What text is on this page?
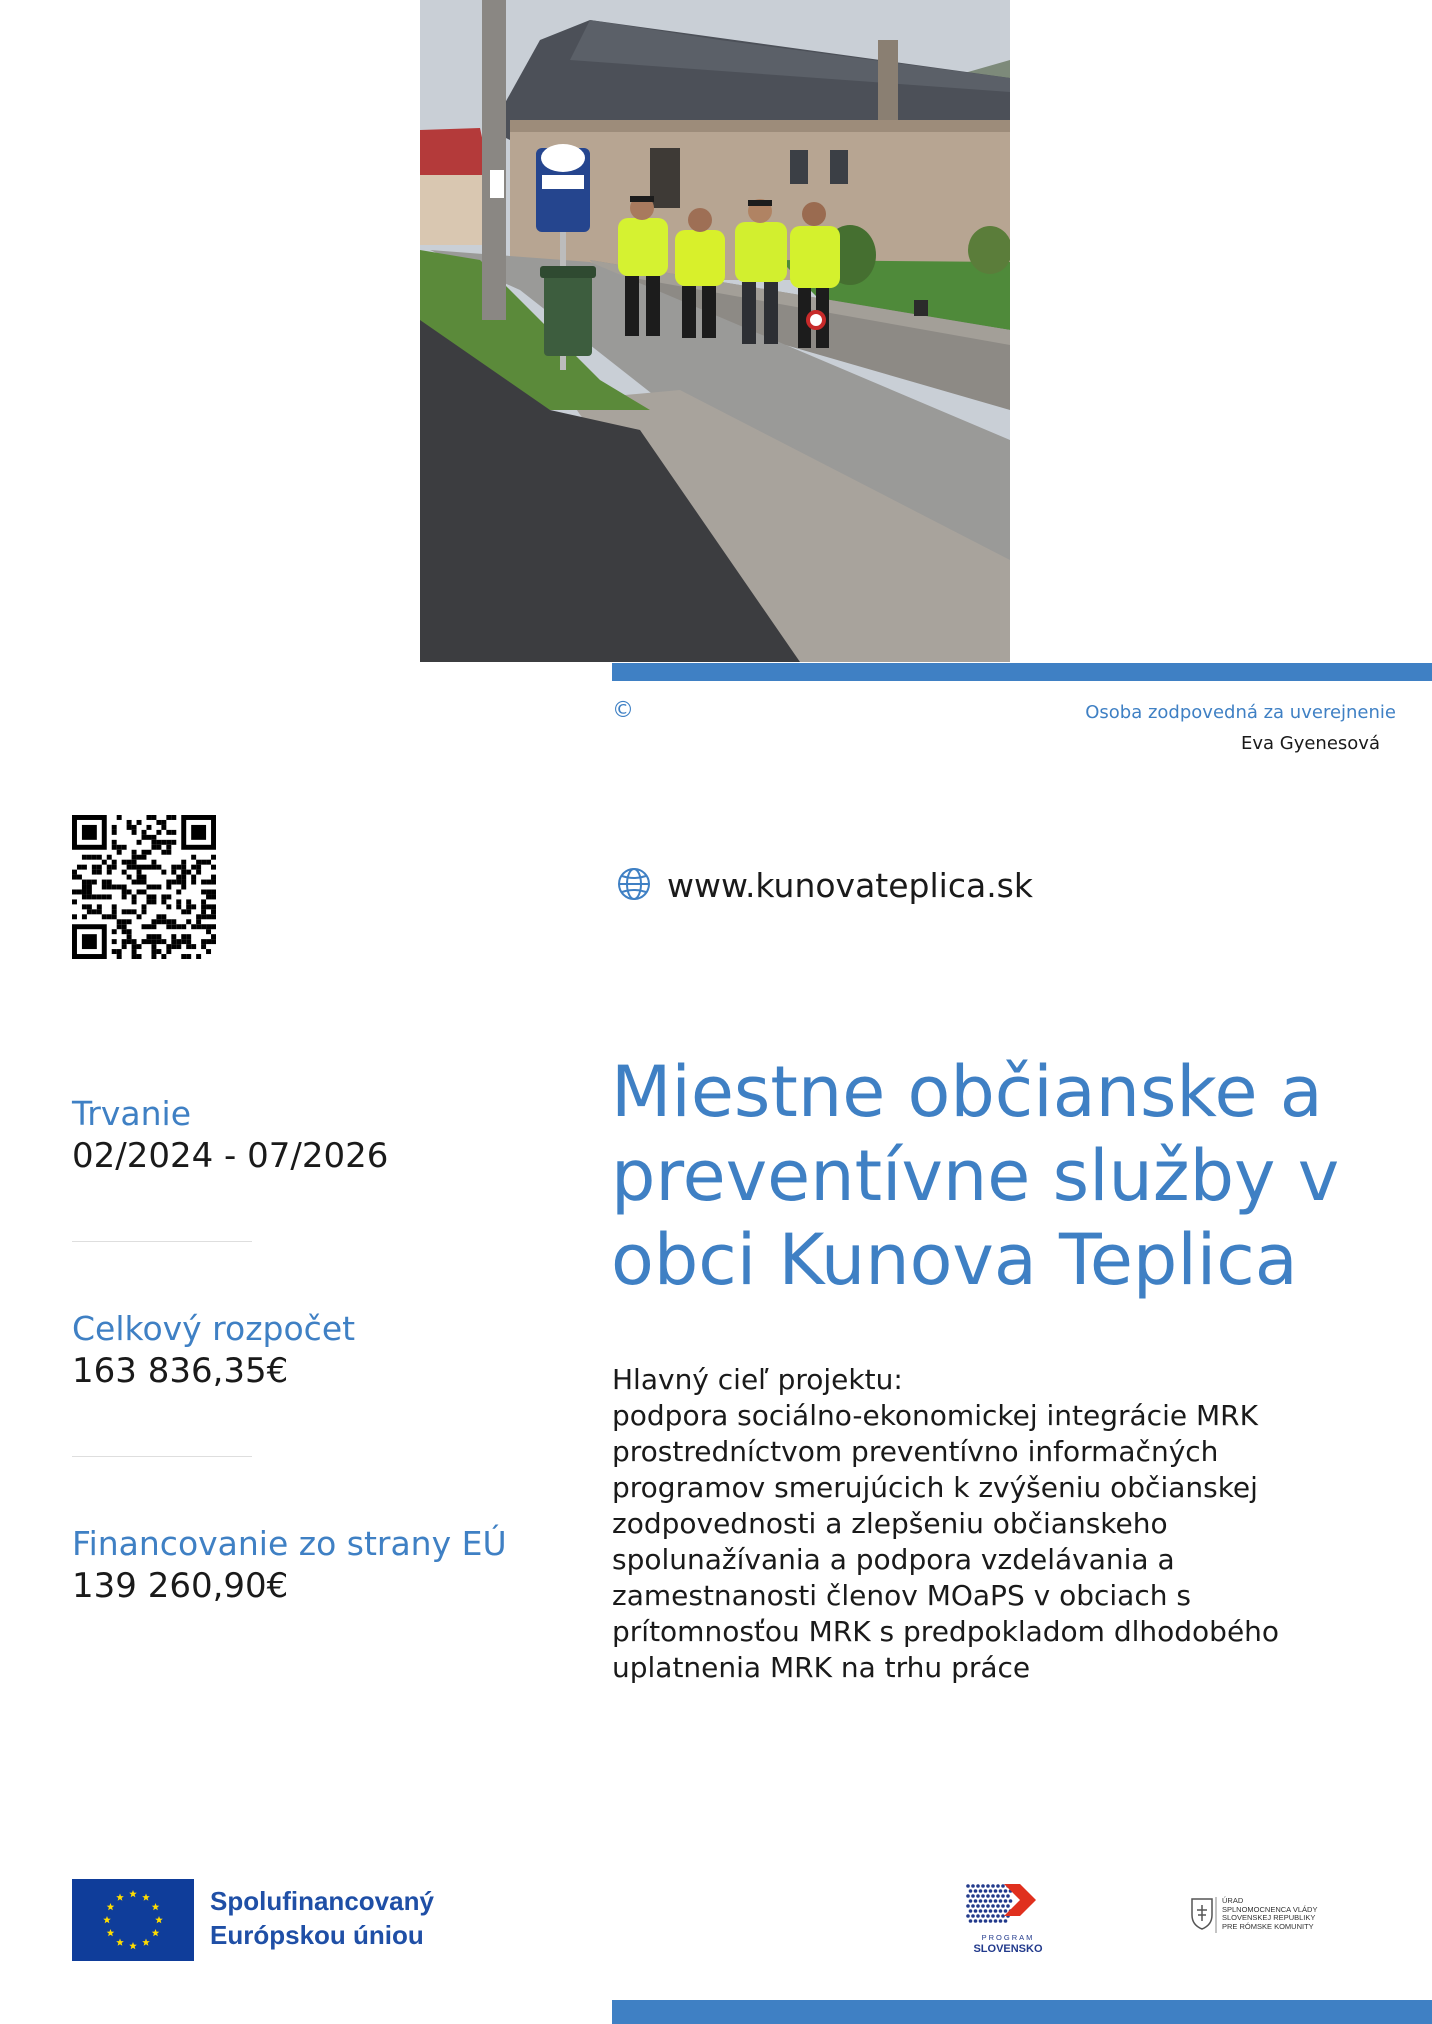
©	Osoba zodpovedná za uverejnenie
Eva Gyenesová
www.kunovateplica.sk
Trvanie
02/2024 - 07/2026
Celkový rozpočet
163 836,35€
Financovanie zo strany EÚ
139 260,90€
Miestne občianske a preventívne služby v obci Kunova Teplica
Hlavný cieľ projektu:
podpora sociálno-ekonomickej integrácie MRK prostredníctvom preventívno informačných programov smerujúcich k zvýšeniu občianskej zodpovednosti a zlepšeniu občianskeho spolunažívania a podpora vzdelávania a zamestnanosti členov MOaPS v obciach s prítomnosťou MRK s predpokladom dlhodobého uplatnenia MRK na trhu práce
Spolufinancovaný
Európskou úniou	PROGRAM
SLOVENSKO
ÚRAD
SPLNOMOCNENCA VLÁDY
SLOVENSKEJ REPUBLIKY
PRE RÓMSKE KOMUNITY
